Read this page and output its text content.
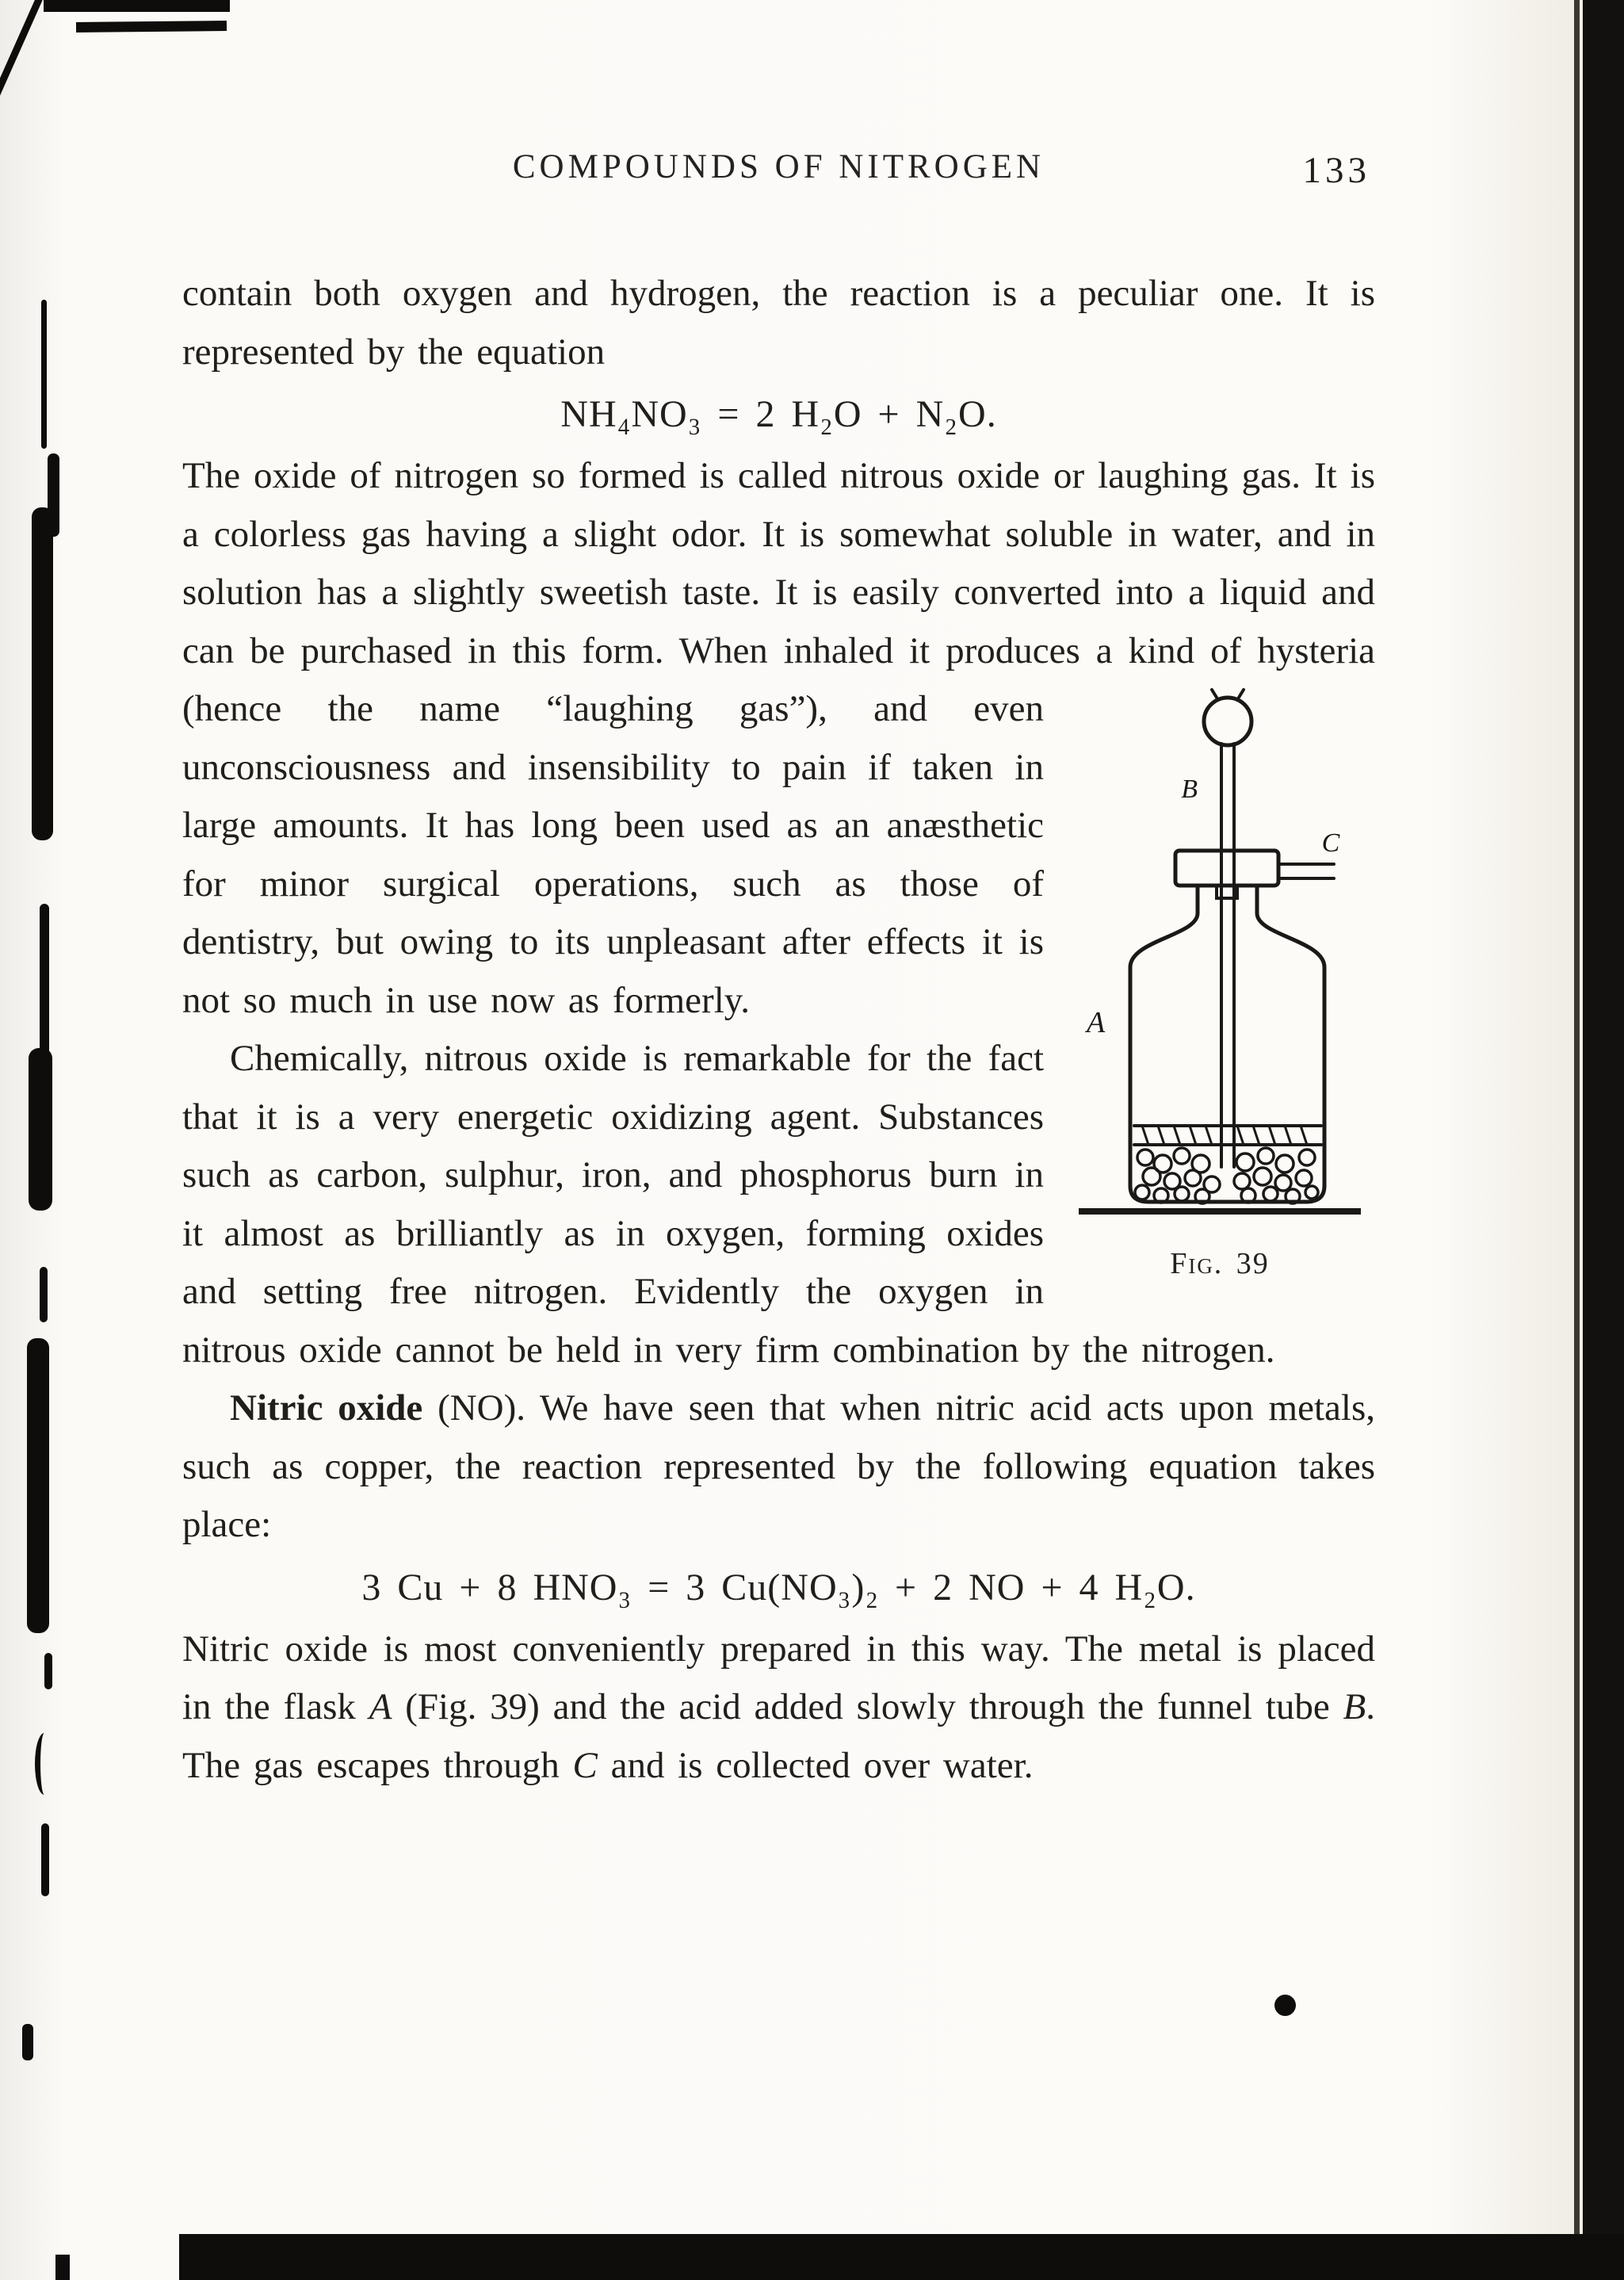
COMPOUNDS OF NITROGEN	133

contain both oxygen and hydrogen, the reaction is a peculiar one. It is represented by the equation

NH₄NO₃ = 2 H₂O + N₂O.

The oxide of nitrogen so formed is called nitrous oxide or laughing gas. It is a colorless gas having a slight odor. It is somewhat soluble in water, and in solution has a slightly sweetish taste. It is easily converted into a liquid and can be purchased in this form. When inhaled it produces a kind of hysteria (hence the name “laughing gas”), and even
A
B
C
Fig. 39
unconsciousness and insensibility to pain if taken in large amounts. It has long been used as an anæsthetic for minor surgical operations, such as those of dentistry, but owing to its unpleasant after effects it is not so much in use now as formerly.

Chemically, nitrous oxide is remarkable for the fact that it is a very energetic oxidizing agent. Substances such as carbon, sulphur, iron, and phosphorus burn in it almost as brilliantly as in oxygen, forming oxides and setting free nitrogen. Evidently the oxygen in nitrous oxide cannot be held in very firm combination by the nitrogen.

Nitric oxide (NO). We have seen that when nitric acid acts upon metals, such as copper, the reaction represented by the following equation takes place:

3 Cu + 8 HNO₃ = 3 Cu(NO₃)₂ + 2 NO + 4 H₂O.

Nitric oxide is most conveniently prepared in this way. The metal is placed in the flask A (Fig. 39) and the acid added slowly through the funnel tube B. The gas escapes through C and is collected over water.
